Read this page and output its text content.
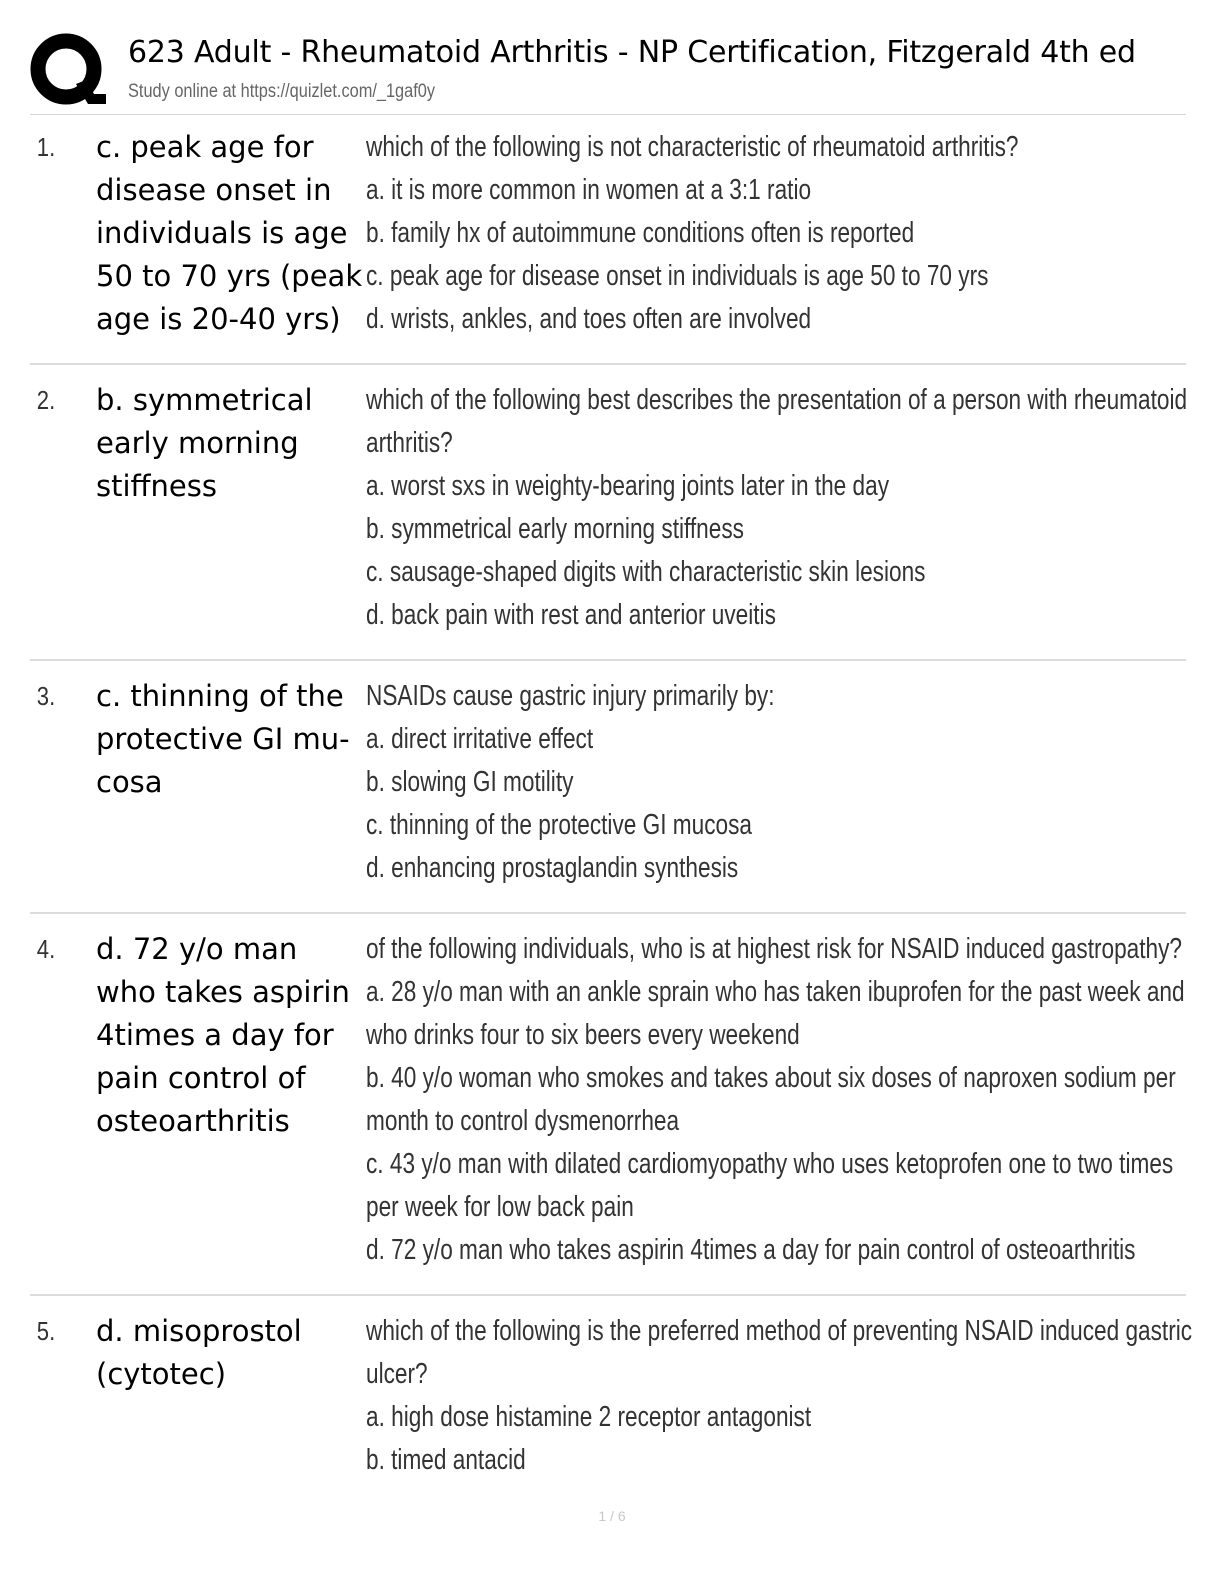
623 Adult - Rheumatoid Arthritis - NP Certification, Fitzgerald 4th ed
Study online at https://quizlet.com/_1gaf0y
1.	c. peak age for disease onset in individuals is age 50 to 70 yrs (peak age is 20-40 yrs)
which of the following is not characteristic of rheumatoid arthritis?
a. it is more common in women at a 3:1 ratio
b. family hx of autoimmune conditions often is reported
c. peak age for disease onset in individuals is age 50 to 70 yrs
d. wrists, ankles, and toes often are involved
2.	b. symmetrical early morning stiffness
which of the following best describes the presentation of a person with rheumatoid
arthritis?
a. worst sxs in weighty-bearing joints later in the day
b. symmetrical early morning stiffness
c. sausage-shaped digits with characteristic skin lesions
d. back pain with rest and anterior uveitis
3.	c. thinning of the protective GI mu-cosa
NSAIDs cause gastric injury primarily by:
a. direct irritative effect
b. slowing GI motility
c. thinning of the protective GI mucosa
d. enhancing prostaglandin synthesis
4.	d. 72 y/o man who takes aspirin 4times a day for pain control of osteoarthritis
of the following individuals, who is at highest risk for NSAID induced gastropathy?
a. 28 y/o man with an ankle sprain who has taken ibuprofen for the past week and
who drinks four to six beers every weekend
b. 40 y/o woman who smokes and takes about six doses of naproxen sodium per
month to control dysmenorrhea
c. 43 y/o man with dilated cardiomyopathy who uses ketoprofen one to two times
per week for low back pain
d. 72 y/o man who takes aspirin 4times a day for pain control of osteoarthritis
5.	d. misoprostol (cytotec)
which of the following is the preferred method of preventing NSAID induced gastric
ulcer?
a. high dose histamine 2 receptor antagonist
b. timed antacid
1 / 6
